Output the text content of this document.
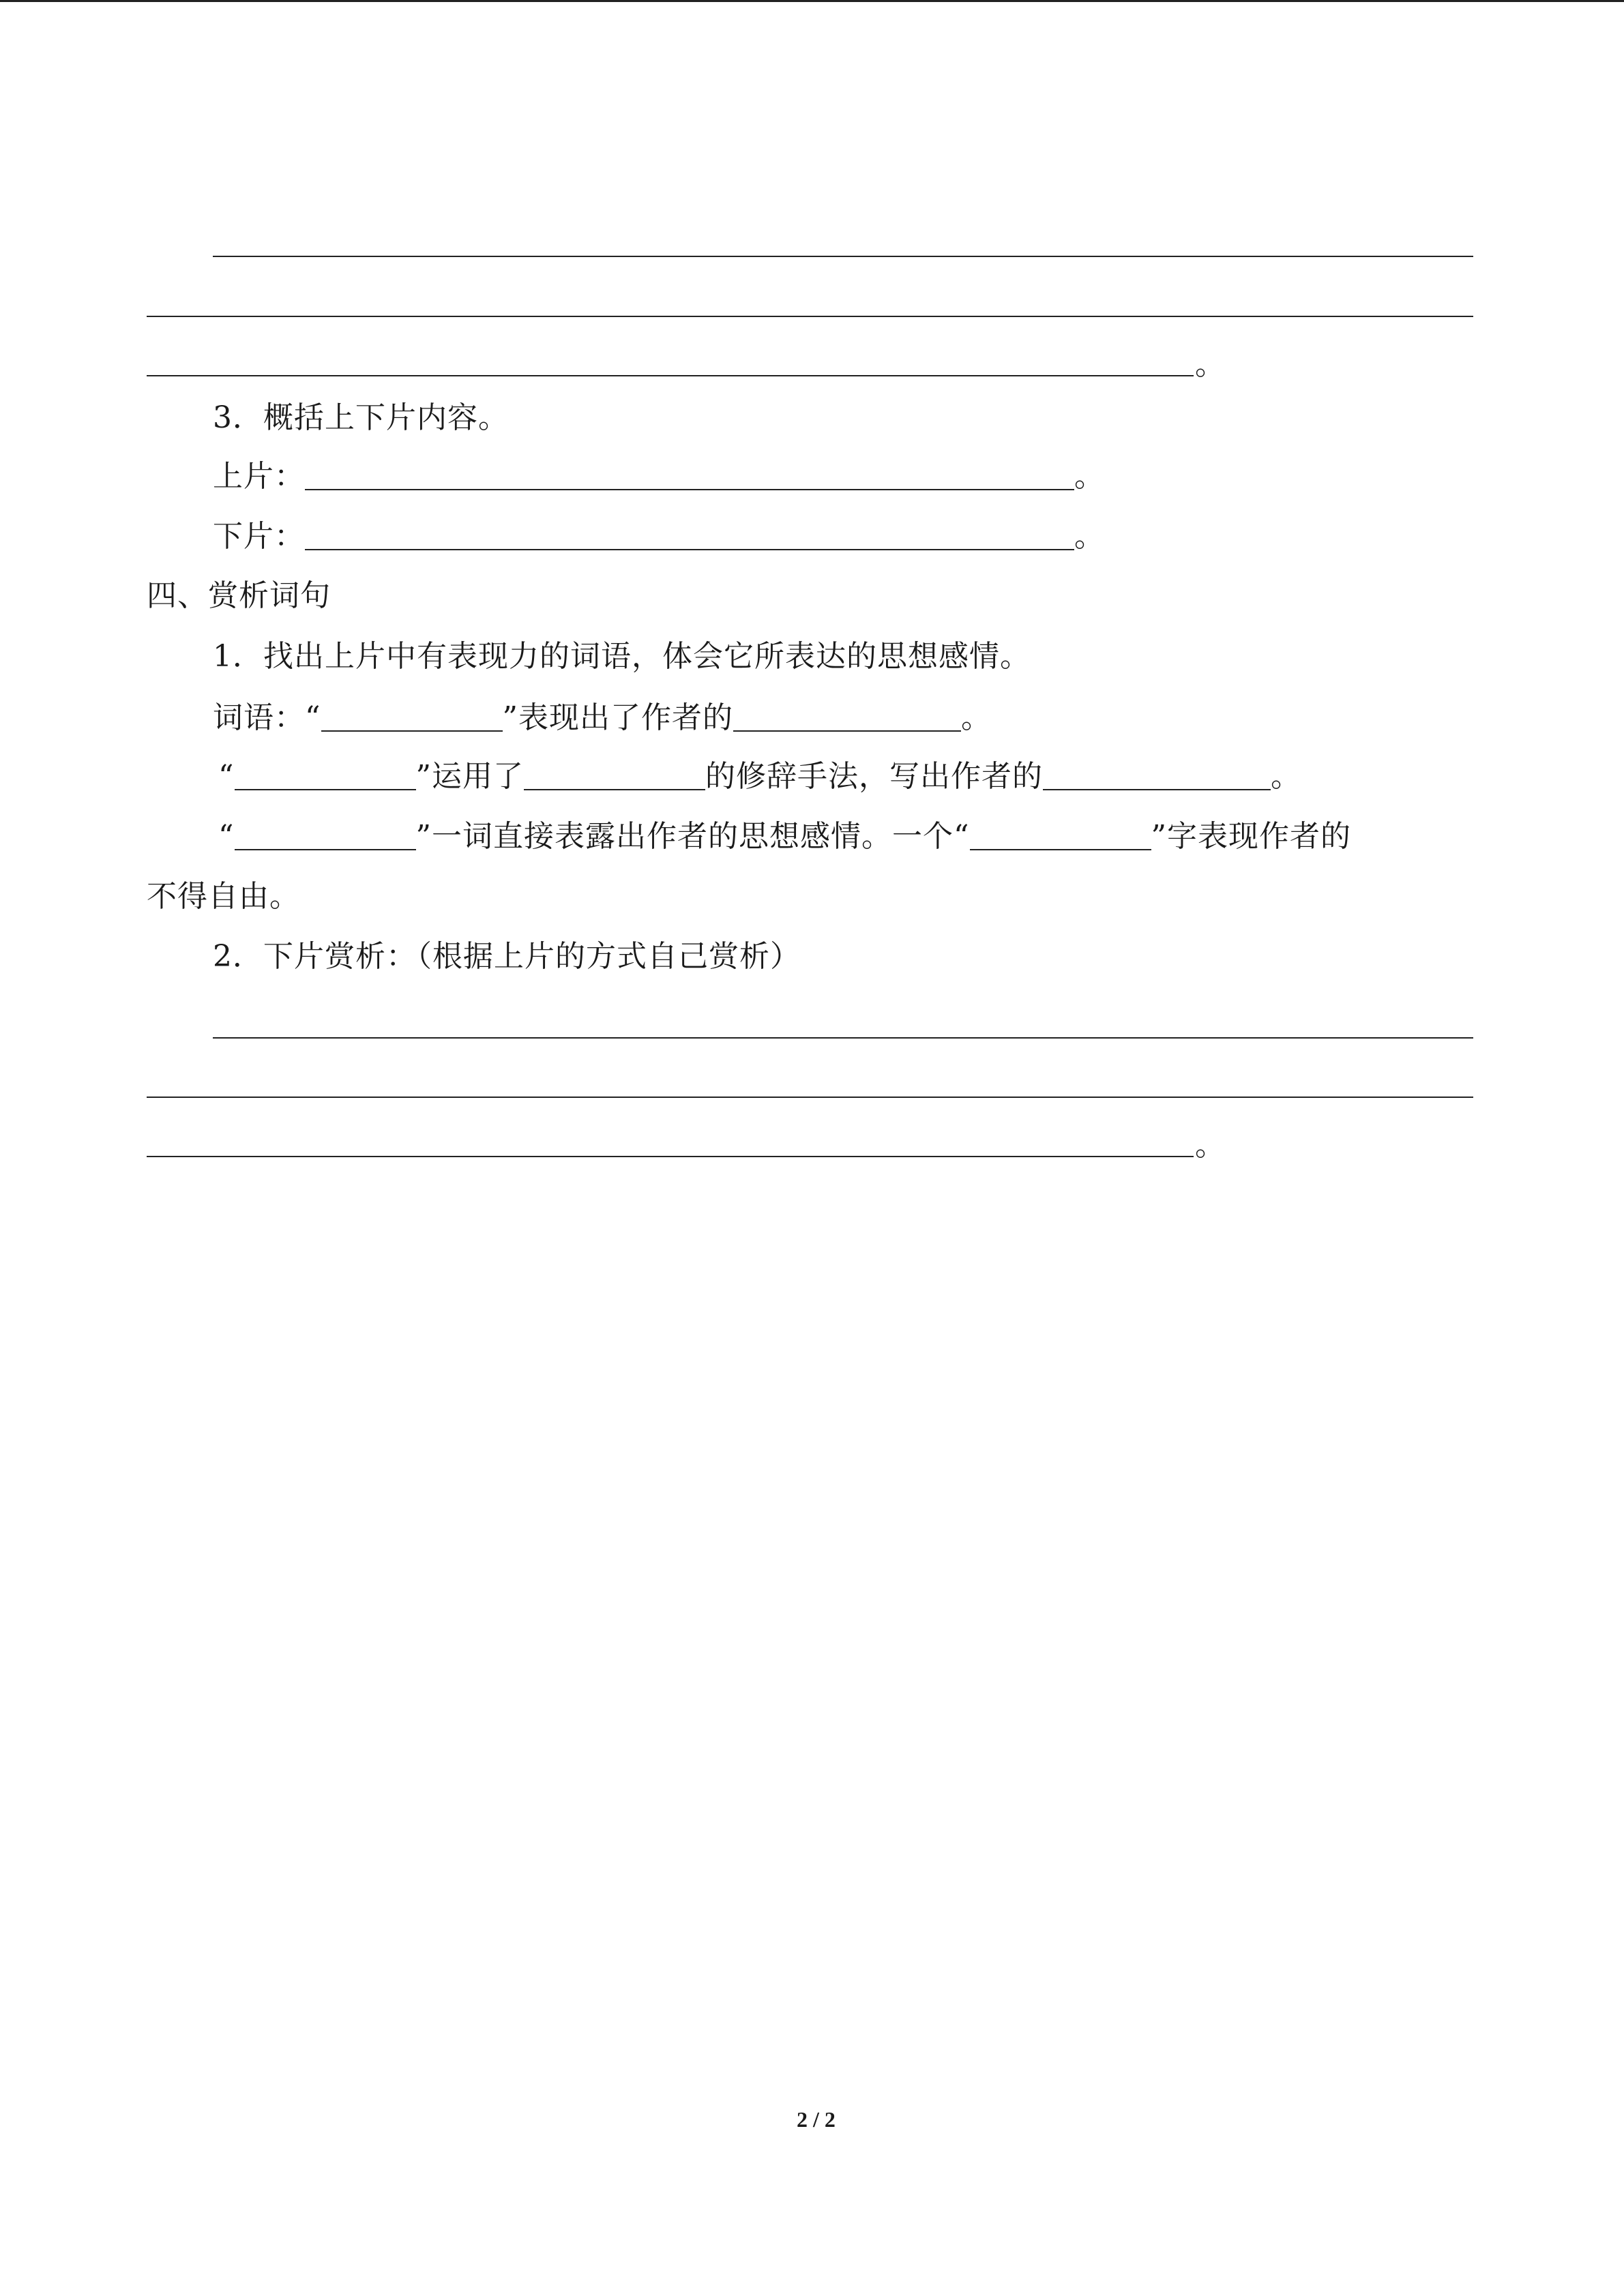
。
3．概括上下片内容。
上片：	。
下片：	。
四、赏析词句
1．找出上片中有表现力的词语，体会它所表达的思想感情。
词语：“	”表现出了作者的	。
“	”运用了	的修辞手法，写出作者的	。
“	”一词直接表露出作者的思想感情。一个“	”字表现作者的
不得自由。
2．下片赏析：（根据上片的方式自己赏析）
。
2 / 2
